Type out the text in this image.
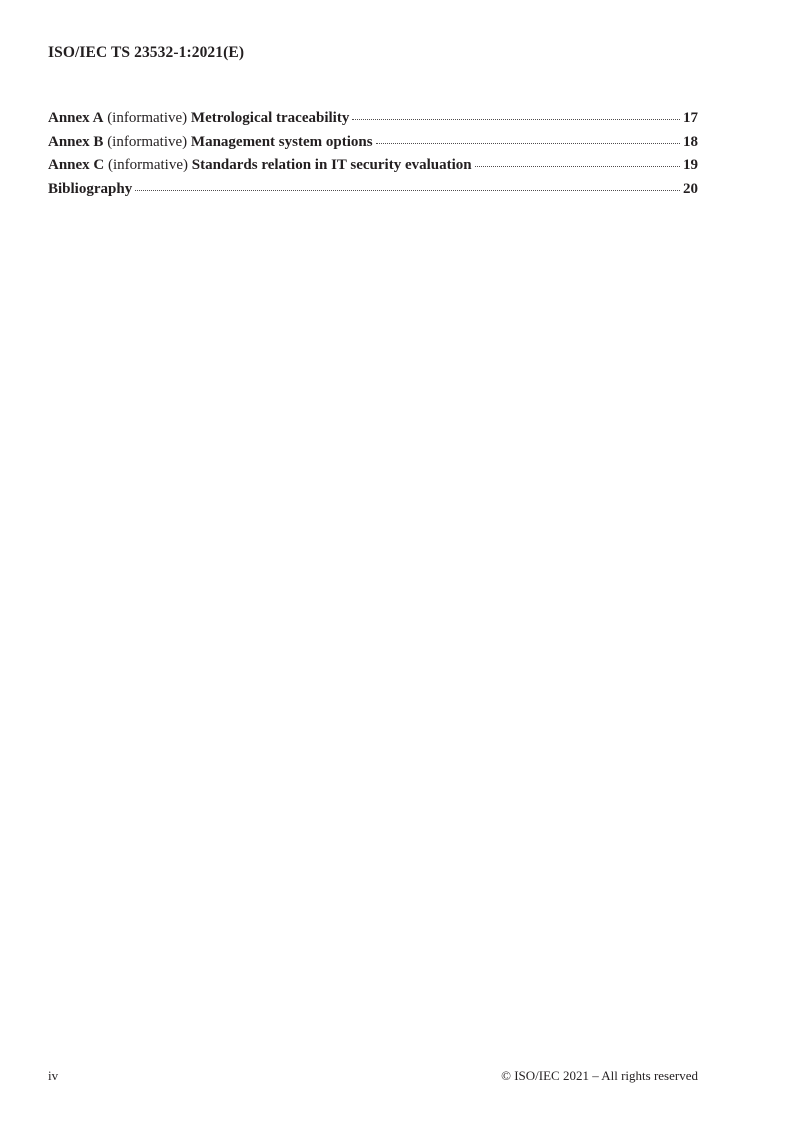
ISO/IEC TS 23532-1:2021(E)
Annex A (informative) Metrological traceability	17
Annex B (informative) Management system options	18
Annex C (informative) Standards relation in IT security evaluation	19
Bibliography	20
iv	© ISO/IEC 2021 – All rights reserved
